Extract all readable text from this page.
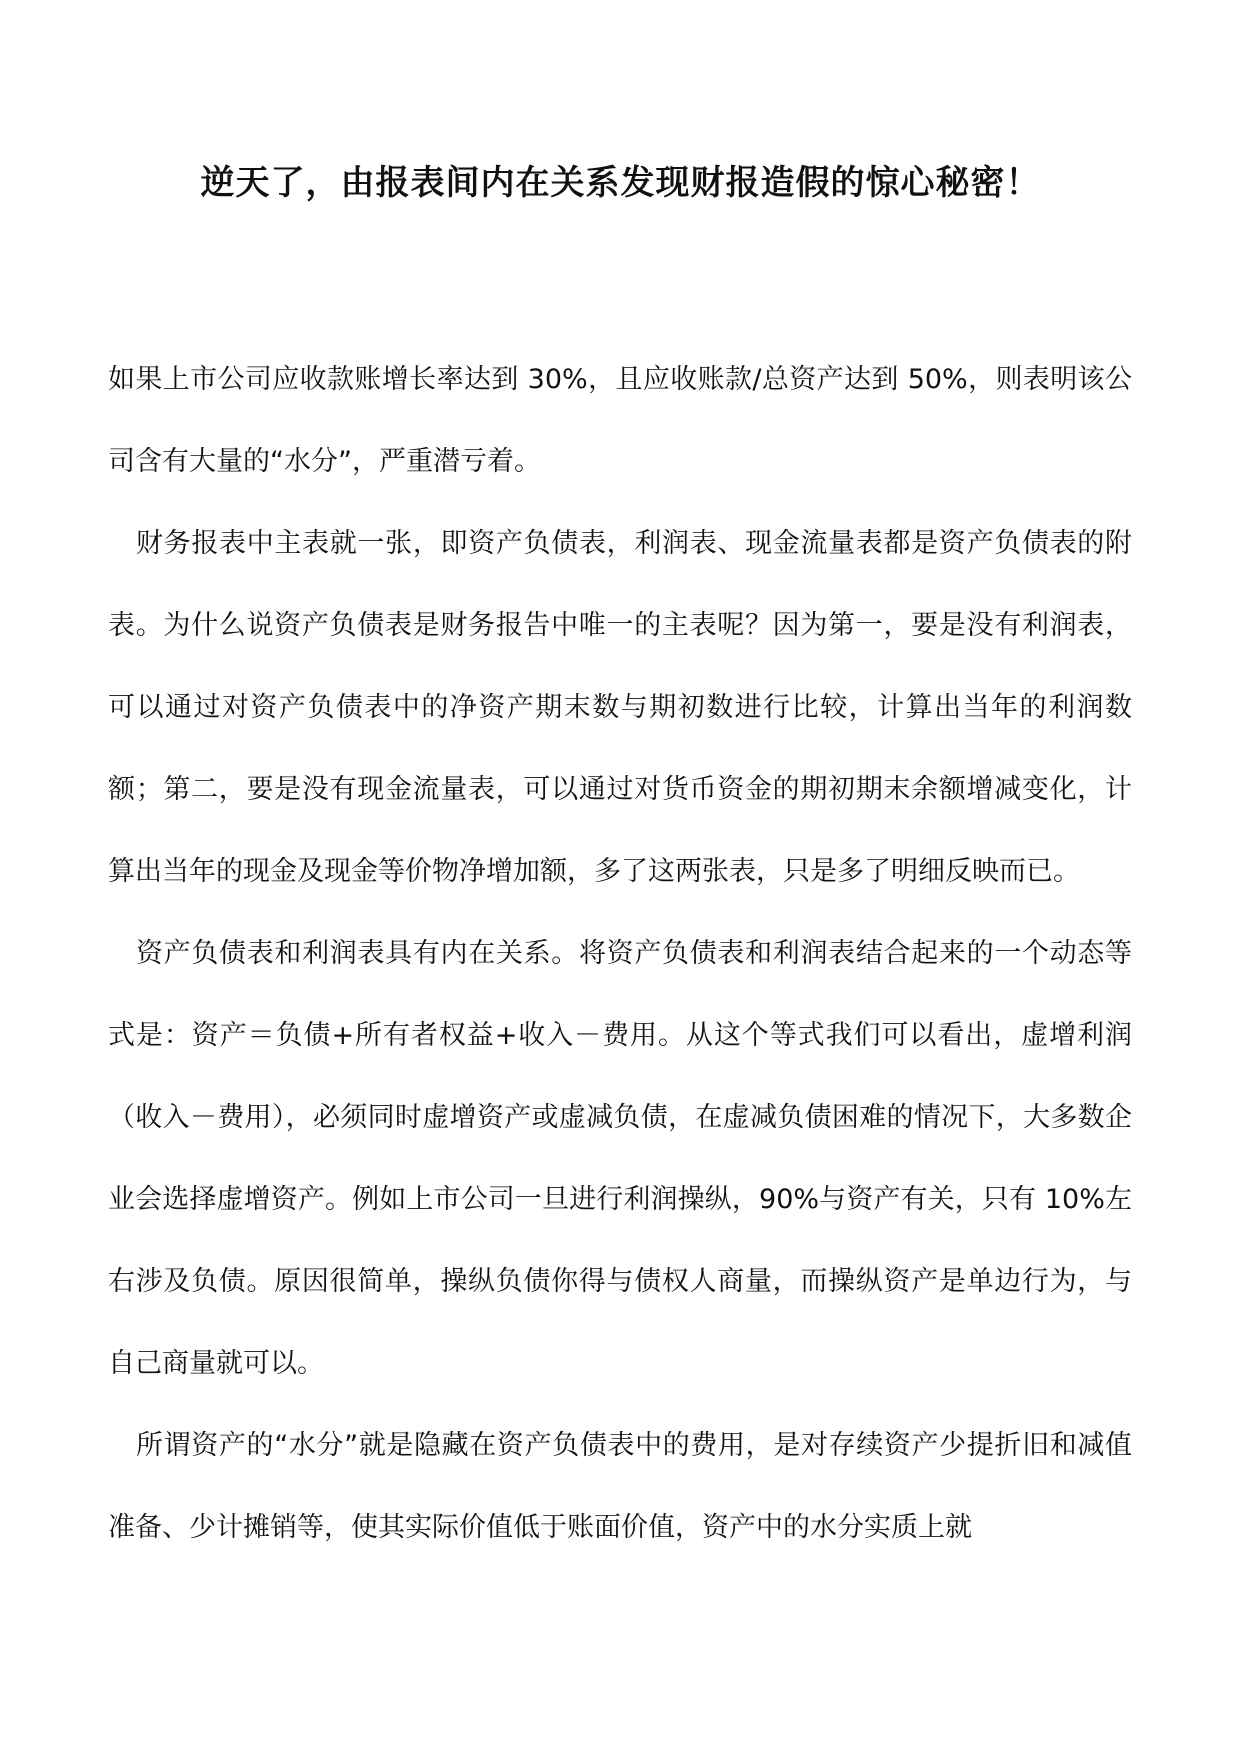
逆天了，由报表间内在关系发现财报造假的惊心秘密！

如果上市公司应收款账增长率达到 30%，且应收账款/总资产达到 50%，则表明该公司含有大量的“水分”，严重潜亏着。

财务报表中主表就一张，即资产负债表，利润表、现金流量表都是资产负债表的附表。为什么说资产负债表是财务报告中唯一的主表呢？因为第一，要是没有利润表，可以通过对资产负债表中的净资产期末数与期初数进行比较，计算出当年的利润数额；第二，要是没有现金流量表，可以通过对货币资金的期初期末余额增减变化，计算出当年的现金及现金等价物净增加额，多了这两张表，只是多了明细反映而已。

资产负债表和利润表具有内在关系。将资产负债表和利润表结合起来的一个动态等式是：资产＝负债+所有者权益+收入－费用。从这个等式我们可以看出，虚增利润（收入－费用），必须同时虚增资产或虚减负债，在虚减负债困难的情况下，大多数企业会选择虚增资产。例如上市公司一旦进行利润操纵，90%与资产有关，只有 10%左右涉及负债。原因很简单，操纵负债你得与债权人商量，而操纵资产是单边行为，与自己商量就可以。

所谓资产的“水分”就是隐藏在资产负债表中的费用，是对存续资产少提折旧和减值准备、少计摊销等，使其实际价值低于账面价值，资产中的水分实质上就
